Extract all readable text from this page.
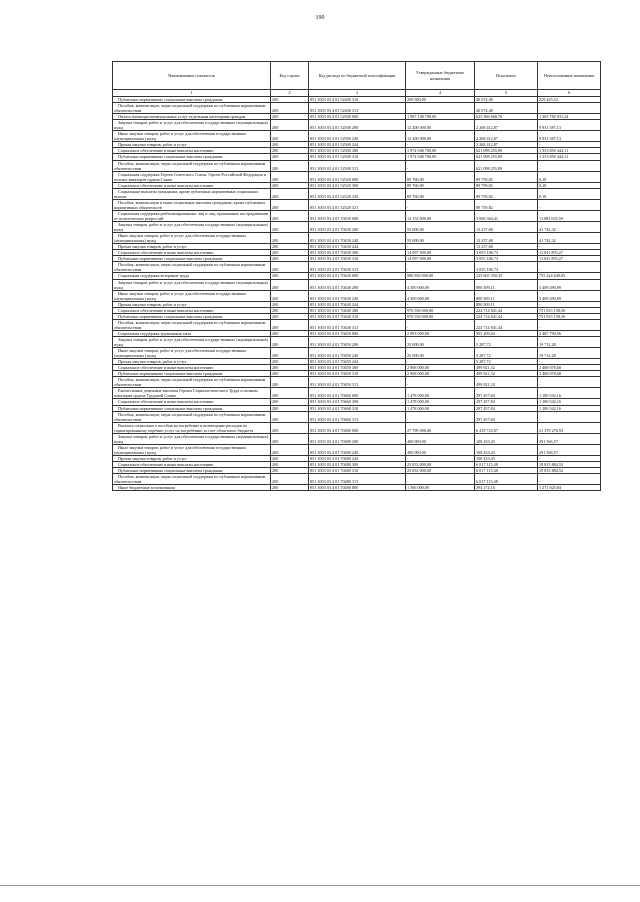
190
Наименование показателя	Код строки	Код расхода по бюджетной классификации	Утвержденные бюджетные назначения	Исполнено	Неисполненные назначения
1	2	3	4	5	6
Публичные нормативные социальные выплаты гражданам	200	851 1003 03 4 01 52400 310	269 500,00	40 074,48	229 425,52
Пособия, компенсации, меры социальной поддержки по публичным нормативным обязательствам	200	851 1003 03 4 01 52400 313	-	40 074,48	-
Оплата жилищно-коммунальных услуг отдельным категориям граждан	200	851 1003 03 4 01 52500 000	1 987 148 700,00	623 366 668,76	1 363 782 031,24
Закупка товаров, работ и услуг для обеспечения государственных (муниципальных) нужд	200	851 1003 03 4 01 52500 200	12 200 000,00	2 268 412,87	9 931 587,13
Иные закупки товаров, работ и услуг для обеспечения государственных (муниципальных) нужд	200	851 1003 03 4 01 52500 240	12 200 000,00	2 268 412,87	9 931 587,13
Прочая закупка товаров, работ и услуг	200	851 1003 03 4 01 52500 244	-	2 268 412,87	-
Социальное обеспечение и иные выплаты населению	200	851 1003 03 4 01 52500 300	1 974 948 700,00	621 098 255,89	1 353 850 444,11
Публичные нормативные социальные выплаты гражданам	200	851 1003 03 4 01 52500 310	1 974 948 700,00	621 098 255,89	1 353 850 444,11
Пособия, компенсации, меры социальной поддержки по публичным нормативным обязательствам	200	851 1003 03 4 01 52500 313	-	621 098 255,89	-
Социальная поддержка Героев Советского Союза, Героев Российской Федерации и полных кавалеров ордена Славы	200	851 1003 03 4 01 52520 000	89 760,00	89 759,82	0,18
Социальное обеспечение и иные выплаты населению	200	851 1003 03 4 01 52520 300	89 760,00	89 759,82	0,18
Социальные выплаты гражданам, кроме публичных нормативных социальных выплат	200	851 1003 03 4 01 52520 320	89 760,00	89 759,82	0,18
Пособия, компенсации и иные социальные выплаты гражданам, кроме публичных нормативных обязательств	200	851 1003 03 4 01 52520 321	-	89 759,82	-
Социальная поддержка реабилитированных лиц и лиц, признанных пострадавшими от политических репрессий	200	851 1003 03 4 01 70430 000	14 152 000,00	3 068 364,41	11 083 635,59
Закупка товаров, работ и услуг для обеспечения государственных (муниципальных) нужд	200	851 1003 03 4 01 70430 200	55 000,00	13 257,68	41 742,32
Иные закупки товаров, работ и услуг для обеспечения государственных (муниципальных) нужд	200	851 1003 03 4 01 70430 240	55 000,00	13 257,68	41 742,32
Прочая закупка товаров, работ и услуг	200	851 1003 03 4 01 70430 244	-	13 257,68	-
Социальное обеспечение и иные выплаты населению	200	851 1003 03 4 01 70430 300	14 097 000,00	3 055 106,73	11 041 893,27
Публичные нормативные социальные выплаты гражданам	200	851 1003 03 4 01 70430 310	14 097 000,00	3 055 106,73	11 041 893,27
Пособия, компенсации, меры социальной поддержки по публичным нормативным обязательствам	200	851 1003 03 4 01 70430 313	-	3 055 106,73	-
Социальная поддержка ветеранов труда	200	851 1003 03 4 01 70440 000	980 830 000,00	225 605 350,35	755 224 649,65
Закупка товаров, работ и услуг для обеспечения государственных (муниципальных) нужд	200	851 1003 03 4 01 70440 200	4 300 000,00	890 509,11	3 409 490,89
Иные закупки товаров, работ и услуг для обеспечения государственных (муниципальных) нужд	200	851 1003 03 4 01 70440 240	4 300 000,00	890 509,11	3 409 490,89
Прочая закупка товаров, работ и услуг	200	851 1003 03 4 01 70440 244	-	890 509,11	-
Социальное обеспечение и иные выплаты населению	200	851 1003 03 4 01 70440 300	976 530 000,00	224 714 841,44	751 815 158,56
Публичные нормативные социальные выплаты гражданам	200	851 1003 03 4 01 70440 310	976 530 000,00	224 714 841,44	751 815 158,56
Пособия, компенсации, меры социальной поддержки по публичным нормативным обязательствам	200	851 1003 03 4 01 70440 313	-	224 714 841,44	-
Социальная поддержка тружеников тыла	200	851 1003 03 4 01 70450 000	2 993 000,00	505 209,04	2 487 790,96
Закупка товаров, работ и услуг для обеспечения государственных (муниципальных) нужд	200	851 1003 03 4 01 70450 200	25 000,00	5 287,72	19 712,28
Иные закупки товаров, работ и услуг для обеспечения государственных (муниципальных) нужд	200	851 1003 03 4 01 70450 240	25 000,00	5 287,72	19 712,28
Прочая закупка товаров, работ и услуг	200	851 1003 03 4 01 70450 244	-	5 287,72	-
Социальное обеспечение и иные выплаты населению	200	851 1003 03 4 01 70450 300	2 968 000,00	499 921,32	2 468 078,68
Публичные нормативные социальные выплаты гражданам	200	851 1003 03 4 01 70450 310	2 968 000,00	499 921,32	2 468 078,68
Пособия, компенсации, меры социальной поддержки по публичным нормативным обязательствам	200	851 1003 03 4 01 70450 313	-	499 921,32	-
Ежемесячные денежные выплаты Героям Социалистического Труда и полным кавалерам ордена Трудовой Славы	200	851 1003 03 4 01 70460 000	1 478 000,00	297 457,84	1 180 542,16
Социальное обеспечение и иные выплаты населению	200	851 1003 03 4 01 70460 300	1 478 000,00	297 457,84	1 180 542,16
Публичные нормативные социальные выплаты гражданам	200	851 1003 03 4 01 70460 310	1 478 000,00	297 457,84	1 180 542,16
Пособия, компенсации, меры социальной поддержки по публичным нормативным обязательствам	200	851 1003 03 4 01 70460 313	-	297 457,84	-
Выплата социального пособия на погребение и возмещение расходов по гарантированному перечню услуг по погребению за счет областного бюджета	200	851 1003 03 4 01 70480 000	27 799 000,00	6 419 723,07	21 379 276,93
Закупка товаров, работ и услуг для обеспечения государственных (муниципальных) нужд	200	851 1003 03 4 01 70480 200	400 000,00	108 433,43	291 566,57
Иные закупки товаров, работ и услуг для обеспечения государственных (муниципальных) нужд	200	851 1003 03 4 01 70480 240	400 000,00	108 433,43	291 566,57
Прочая закупка товаров, работ и услуг	200	851 1003 03 4 01 70480 244	-	108 433,43	-
Социальное обеспечение и иные выплаты населению	200	851 1003 03 4 01 70480 300	25 833 000,00	6 017 115,48	19 815 884,52
Публичные нормативные социальные выплаты гражданам	200	851 1003 03 4 01 70480 310	25 833 000,00	6 017 115,48	19 815 884,52
Пособия, компенсации, меры социальной поддержки по публичным нормативным обязательствам	200	851 1003 03 4 01 70480 313	-	6 017 115,48	-
Иные бюджетные ассигнования	200	851 1003 03 4 01 70480 800	1 566 000,00	294 174,16	1 271 825,84
